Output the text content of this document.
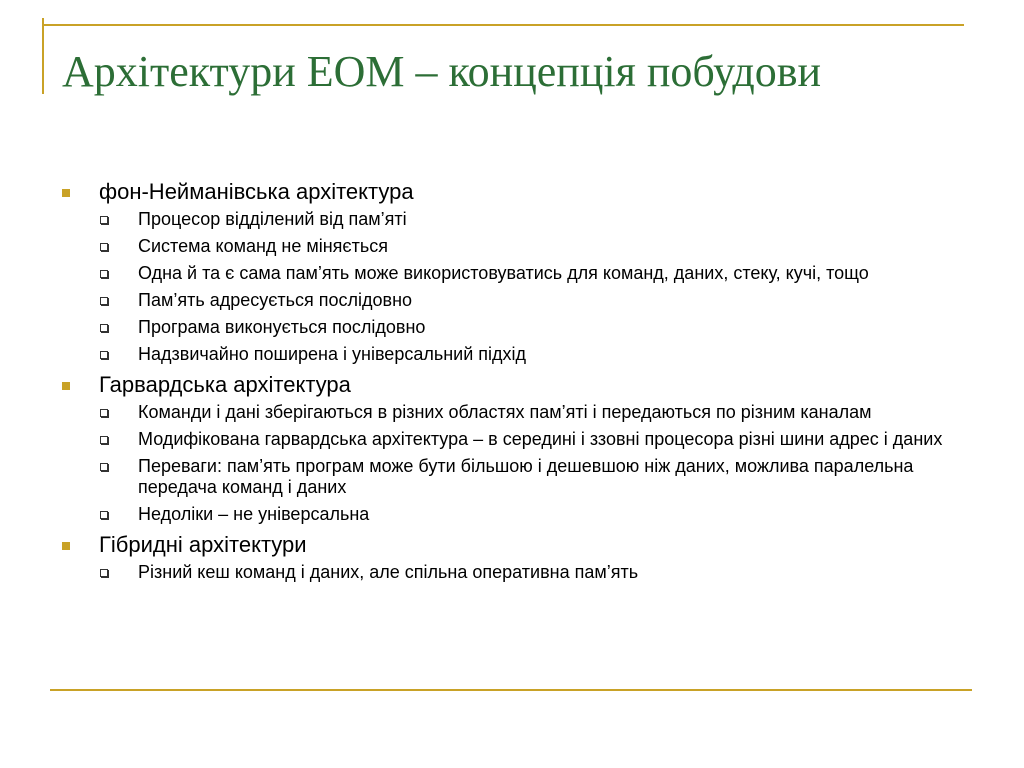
Архітектури ЕОМ – концепція побудови
фон-Нейманівська архітектура
Процесор відділений від пам’яті
Система команд не міняється
Одна й та є сама пам’ять може використовуватись для команд, даних, стеку, кучі, тощо
Пам’ять адресується послідовно
Програма виконується послідовно
Надзвичайно поширена і універсальний підхід
Гарвардська архітектура
Команди і дані зберігаються в різних областях пам’яті і передаються по різним каналам
Модифікована гарвардська архітектура – в середині і ззовні процесора різні шини адрес і даних
Переваги: пам’ять програм може бути більшою і дешевшою ніж даних, можлива паралельна передача команд і даних
Недоліки – не універсальна
Гібридні архітектури
Різний кеш команд і даних, але спільна оперативна пам’ять
